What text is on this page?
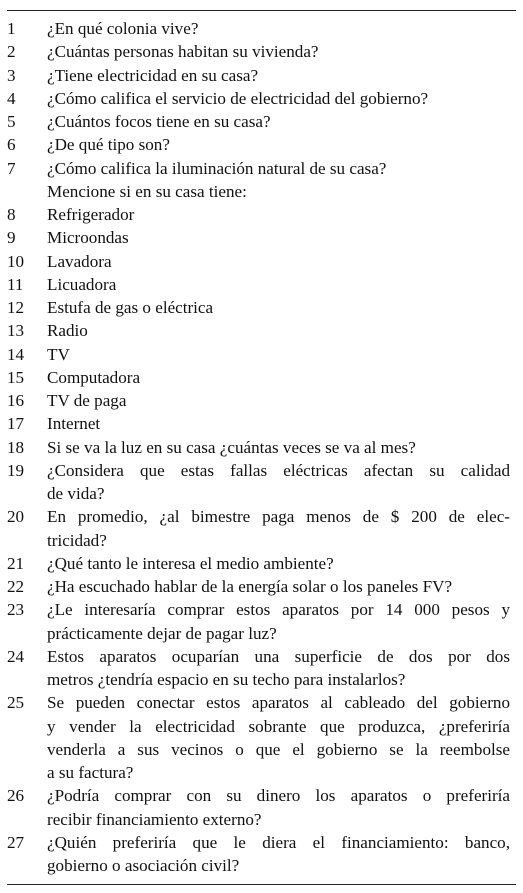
1	¿En qué colonia vive?
2	¿Cuántas personas habitan su vivienda?
3	¿Tiene electricidad en su casa?
4	¿Cómo califica el servicio de electricidad del gobierno?
5	¿Cuántos focos tiene en su casa?
6	¿De qué tipo son?
7	¿Cómo califica la iluminación natural de su casa?
Mencione si en su casa tiene:
8	Refrigerador
9	Microondas
10	Lavadora
11	Licuadora
12	Estufa de gas o eléctrica
13	Radio
14	TV
15	Computadora
16	TV de paga
17	Internet
18	Si se va la luz en su casa ¿cuántas veces se va al mes?
19	¿Considera que estas fallas eléctricas afectan su calidad
de vida?
20	En promedio, ¿al bimestre paga menos de $ 200 de elec-
tricidad?
21	¿Qué tanto le interesa el medio ambiente?
22	¿Ha escuchado hablar de la energía solar o los paneles FV?
23	¿Le interesaría comprar estos aparatos por 14 000 pesos y
prácticamente dejar de pagar luz?
24	Estos aparatos ocuparían una superficie de dos por dos
metros ¿tendría espacio en su techo para instalarlos?
25	Se pueden conectar estos aparatos al cableado del gobierno
y vender la electricidad sobrante que produzca, ¿preferiría
venderla a sus vecinos o que el gobierno se la reembolse
a su factura?
26	¿Podría comprar con su dinero los aparatos o preferiría
recibir financiamiento externo?
27	¿Quién preferiría que le diera el financiamiento: banco,
gobierno o asociación civil?
